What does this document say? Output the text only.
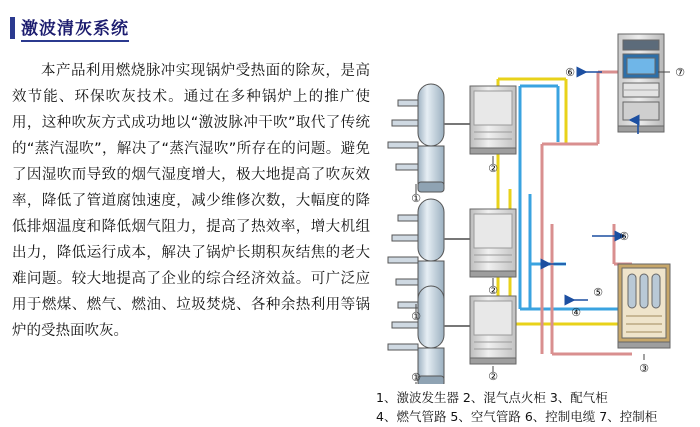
激波清灰系统
本产品利用燃烧脉冲实现锅炉受热面的除灰，是高效节能、环保吹灰技术。通过在多种锅炉上的推广使用，这种吹灰方式成功地以“激波脉冲干吹”取代了传统的“蒸汽湿吹”，解决了“蒸汽湿吹”所存在的问题。避免了因湿吹而导致的烟气湿度增大，极大地提高了吹灰效率，降低了管道腐蚀速度，减少维修次数，大幅度的降低排烟温度和降低烟气阻力，提高了热效率，增大机组出力，降低运行成本，解决了锅炉长期积灰结焦的老大难问题。较大地提高了企业的综合经济效益。可广泛应用于燃煤、燃气、燃油、垃圾焚烧、各种余热利用等锅炉的受热面吹灰。
①
①
①
②
②
②
③
④
⑤
⑥
⑥
⑦
1、激波发生器 2、混气点火柜 3、配气柜
4、燃气管路 5、空气管路 6、控制电缆 7、控制柜
